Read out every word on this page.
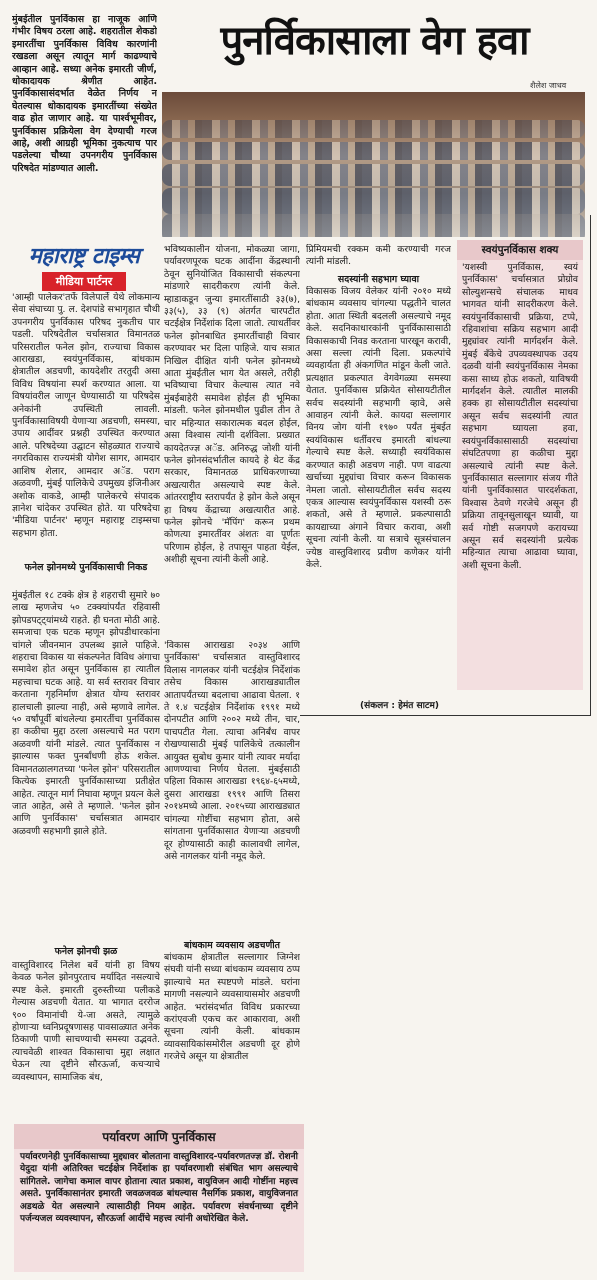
मुंबईतील पुनर्विकास हा नाजूक आणि गंभीर विषय ठरला आहे. शहरातील शेकडो इमारतींचा पुनर्विकास विविध कारणांनी रखडला असून त्यातून मार्ग काढण्याचे आव्हान आहे. सध्या अनेक इमारती जीर्ण, धोकादायक श्रेणीत आहेत. पुनर्विकासासंदर्भात वेळेत निर्णय न घेतल्यास धोकादायक इमारतींच्या संख्येत वाढ होत जाणार आहे. या पार्श्वभूमीवर, पुनर्विकास प्रक्रियेला वेग देण्याची गरज आहे, अशी आग्रही भूमिका नुकत्याच पार पडलेल्या चौथ्या उपनगरीय पुनर्विकास परिषदेत मांडण्यात आली.
पुनर्विकासाला वेग हवा
शैलेश जाधव
महाराष्ट्र टाइम्स
मीडिया पार्टनर
'आम्ही पालेकर'तर्फे विलेपार्ले येथे लोकमान्य सेवा संघाच्या पु. ल. देशपांडे सभागृहात चौथी उपनगरीय पुनर्विकास परिषद नुकतीच पार पडली. परिषदेतील चर्चासत्रात विमानतळ परिसरातील फनेल झोन, राज्याचा विकास आराखडा, स्वयंपुनर्विकास, बांधकाम क्षेत्रातील अडचणी, कायदेशीर तरतुदी असा विविध विषयांना स्पर्श करण्यात आला. या विषयांवरील जाणून घेण्यासाठी या परिषदेस अनेकांनी उपस्थिती लावली. पुनर्विकासाविषयी येणाऱ्या अडचणी, समस्या, उपाय आदींवर प्रश्नही उपस्थित करण्यात आले. परिषदेच्या उद्घाटन सोहळ्यात राज्याचे नगरविकास राज्यमंत्री योगेश सागर, आमदार आशिष शेलार, आमदार अॅड. पराग अळवणी, मुंबई पालिकेचे उपमुख्य इंजिनीअर अशोक वाकडे, आम्ही पालेकरचे संपादक ज्ञानेश चांदेकर उपस्थित होते. या परिषदेचा 'मीडिया पार्टनर' म्हणून महाराष्ट्र टाइम्सचा सहभाग होता.
फनेल झोनमध्ये पुनर्विकासाची निकड
मुंबईतील १८ टक्के क्षेत्र हे शहराची सुमारे ७० लाख म्हणजेच ५० टक्क्यांपर्यंत रहिवासी झोपडपट्ट्यांमध्ये राहते. ही घनता मोठी आहे. समजाचा एक घटक म्हणून झोपडीधारकांना चांगले जीवनमान उपलब्ध झाले पाहिजे. शहराचा विकास या संकल्पनेत विविध अंगाचा समावेश होत असून पुनर्विकास हा त्यातील महत्त्वाचा घटक आहे. या सर्व स्तरावर विचार करताना गृहनिर्माण क्षेत्रात योग्य स्तरावर हालचाली झाल्या नाही, असे म्हणावे लागेल. ५० वर्षांपूर्वी बांधलेल्या इमारतींचा पुनर्विकास हा कळीचा मुद्दा ठरला असल्याचे मत पराग अळवणी यांनी मांडले. त्यात पुनर्विकास न झाल्यास फक्त पुनर्बांधणी होऊ शकेल. विमानतळालगतच्या 'फनेल झोन' परिसरातील कित्येक इमारती पुनर्विकासाच्या प्रतीक्षेत आहेत. त्यातून मार्ग निघावा म्हणून प्रयत्न केले जात आहेत, असे ते म्हणाले. 'फनेल झोन आणि पुनर्विकास' चर्चासत्रात आमदार अळवणी सहभागी झाले होते.
फनेल झोनची झळ
वास्तुविशारद निलेश बर्वे यांनी हा विषय केवळ फनेल झोनपुरताच मर्यादित नसल्याचे स्पष्ट केले. इमारती दुरुस्तीच्या पलीकडे गेल्यास अडचणी येतात. या भागात दररोज ९०० विमानांची ये-जा असते, त्यामुळे होणाऱ्या ध्वनिप्रदूषणासह पावसाळ्यात अनेक ठिकाणी पाणी साचण्याची समस्या उद्भवते. त्याचवेळी शाश्वत विकासाचा मुद्दा लक्षात घेऊन त्या दृष्टीने सौरऊर्जा, कचऱ्याचे व्यवस्थापन, सामाजिक बंध,
भविष्यकालीन योजना, मोकळ्या जागा, पर्यावरणपूरक घटक आदींना केंद्रस्थानी ठेवून सुनियोजित विकासाची संकल्पना मांडणारे सादरीकरण त्यांनी केले. म्हाडाकडून जुन्या इमारतींसाठी ३३(७), ३३(५), ३३ (९) अंतर्गत चारपटीत चटईक्षेत्र निर्देशांक दिला जातो. त्याधर्तीवर फनेल झोनबाधित इमारतींचाही विचार करण्यावर भर दिला पाहिजे. याच सत्रात निखिल दीक्षित यांनी फनेल झोनमध्ये आता मुंबईतील भाग येत असले, तरीही भविष्याचा विचार केल्यास त्यात नवे मुंबईबाहेरी समावेश होईल ही भूमिका मांडली. फनेल झोनमधील पुढील तीन ते चार महिन्यात सकारात्मक बदल होईल, असा विश्वास त्यांनी दर्शविला. प्रख्यात कायदेतज्ज्ञ अॅड. अनिरुद्ध जोशी यांनी फनेल झोनसंदर्भातील कायदे हे थेट केंद्र सरकार, विमानतळ प्राधिकरणाच्या अखत्यारीत असल्याचे स्पष्ट केले. आंतरराष्ट्रीय स्तरापर्यंत हे झोन केले असून हा विषय केंद्राच्या अखत्यारीत आहे. फनेल झोनचे 'मॅपिंग' करून प्रथम कोणत्या इमारतींवर अंशतः वा पूर्णतः परिणाम होईल, हे तपासून पाहता येईल, अशीही सूचना त्यांनी केली आहे.
'विकास आराखडा २०३४ आणि पुनर्विकास' चर्चासत्रात वास्तुविशारद विलास नागलकर यांनी चटईक्षेत्र निर्देशांक तसेच विकास आराखड्यातील आतापर्यंतच्या बदलाचा आढावा घेतला. १ ते १.४ चटईक्षेत्र निर्देशांक १९९१ मध्ये दोनपटीत आणि २००२ मध्ये तीन, चार, पाचपटीत गेला. त्याचा अनिर्बंध वापर रोखण्यासाठी मुंबई पालिकेचे तत्कालीन आयुक्त सुबोध कुमार यांनी त्यावर मर्यादा आणण्याचा निर्णय घेतला. मुंबईसाठी पहिला विकास आराखडा १९६४-६५मध्ये, दुसरा आराखडा १९९१ आणि तिसरा २०१४मध्ये आला. २०१५च्या आराखड्यात चांगल्या गोष्टींचा सहभाग होता, असे सांगताना पुनर्विकासात येणाऱ्या अडचणी दूर होण्यासाठी काही कालावधी लागेल, असे नागलकर यांनी नमूद केले.
बांधकाम व्यवसाय अडचणीत
बांधकाम क्षेत्रातील सल्लागार जिग्नेश संघवी यांनी सध्या बांधकाम व्यवसाय ठप्प झाल्याचे मत स्पष्टपणे मांडले. घरांना मागणी नसल्याने व्यवसायासमोर अडचणी आहेत. भरांसंदर्भात विविध प्रकारच्या करांएवजी एकच कर आकारावा, अशी सूचना त्यांनी केली. बांधकाम व्यावसायिकांसमोरील अडचणी दूर होणे गरजेचे असून या क्षेत्रातील
प्रिमियमची रक्कम कमी करण्याची गरज त्यांनी मांडली.
सदस्यांनी सहभाग घ्यावा
विकासक विजय वेलेकर यांनी २०१० मध्ये बांधकाम व्यवसाय चांगल्या पद्धतीने चालत होता. आता स्थिती बदलली असल्याचे नमूद केले. सदनिकाधारकांनी पुनर्विकासासाठी विकासकाची निवड करताना पारखून करावी, असा सल्ला त्यांनी दिला. प्रकल्पांचे व्यवहार्यता ही अंकगणित मांडून केली जाते. प्रत्यक्षात प्रकल्पात वेगवेगळ्या समस्या येतात. पुनर्विकास प्रक्रियेत सोसायटीतील सर्वच सदस्यांनी सहभागी व्हावे, असे आवाहन त्यांनी केले. कायदा सल्लागार विनय जोग यांनी १९७० पर्यंत मुंबईत स्वयंविकास धर्तीवरच इमारती बांधल्या गेल्याचे स्पष्ट केले. सध्याही स्वयंविकास करण्यात काही अडचण नाही. पण वाढत्या खर्चाच्या मुद्द्यांचा विचार करून विकासक नेमला जातो. सोसायटीतील सर्वच सदस्य एकत्र आल्यास स्वयंपुनर्विकास यशस्वी ठरू शकतो, असे ते म्हणाले. प्रकल्पासाठी कायद्याच्या अंगाने विचार करावा, अशी सूचना त्यांनी केली. या सत्राचे सूत्रसंचालन ज्येष्ठ वास्तुविशारद प्रवीण कणेकर यांनी केले.
(संकलन : हेमंत साटम)
स्वयंपुनर्विकास शक्य
'यशस्वी पुनर्विकास, स्वयं पुनर्विकास' चर्चासत्रात प्रोग्रोव सोल्युशन्सचे संचालक माधव भागवत यांनी सादरीकरण केले. स्वयंपुनर्विकासाची प्रक्रिया, टप्पे, रहिवाशांचा सक्रिय सहभाग आदी मुद्द्यांवर त्यांनी मार्गदर्शन केले. मुंबई बँकेचे उपव्यवस्थापक उदय दळवी यांनी स्वयंपुनर्विकास नेमका कसा साध्य होऊ शकतो, याविषयी मार्गदर्शन केले. त्यातील मालकी हक्क हा सोसायटीतील सदस्यांचा असून सर्वच सदस्यांनी त्यात सहभाग घ्यायला हवा, स्वयंपुनर्विकासासाठी सदस्यांचा संघटितपणा हा कळीचा मुद्दा असल्याचे त्यांनी स्पष्ट केले. पुनर्विकासात सल्लागार संजय गीते यांनी पुनर्विकासात पारदर्शकता, विश्वास ठेवणे गरजेचे असून ही प्रक्रिया तावूनसुलाखून घ्यावी, या सर्व गोष्टी सजगपणे करायच्या असून सर्व सदस्यांनी प्रत्येक महिन्यात त्याचा आढावा घ्यावा, अशी सूचना केली.
पर्यावरण आणि पुनर्विकास
पर्यावरणनेही पुनर्विकासाच्या मुद्द्यावर बोलताना वास्तुविशारद-पर्यावरणतज्ज्ञ डॉ. रोशनी येदुदा यांनी अतिरिक्त चटईक्षेत्र निर्देशांक हा पर्यावरणाशी संबंधित भाग असल्याचे सांगितले. जागेचा कमाल वापर होताना त्यात प्रकाश, वायुविजन आदी गोष्टींना महत्त्व असते. पुनर्विकासानंतर इमारती जवळजवळ बांधल्यास नैसर्गिक प्रकाश, वायुविजनात अडथळे येत असल्याने त्यासाठीही नियम आहेत. पर्यावरण संवर्धनाच्या दृष्टीने पर्जन्यजल व्यवस्थापन, सौरऊर्जा आदींचे महत्त्व त्यांनी अधोरेखित केले.
